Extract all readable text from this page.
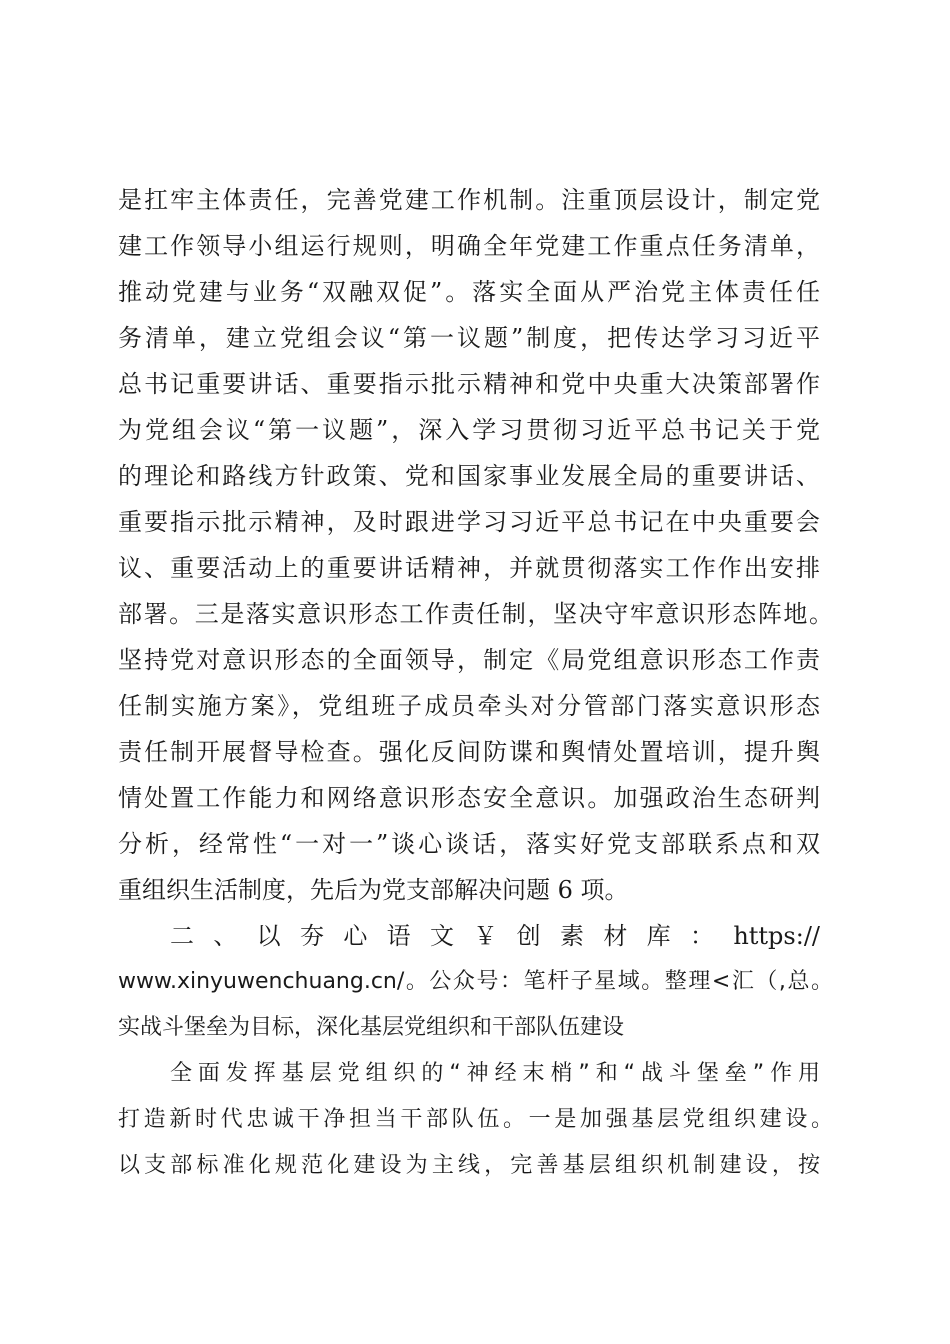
是扛牢主体责任，完善党建工作机制。注重顶层设计，制定党

建工作领导小组运行规则，明确全年党建工作重点任务清单，

推动党建与业务“双融双促”。落实全面从严治党主体责任任

务清单，建立党组会议“第一议题”制度，把传达学习习近平

总书记重要讲话、重要指示批示精神和党中央重大决策部署作

为党组会议“第一议题”，深入学习贯彻习近平总书记关于党

的理论和路线方针政策、党和国家事业发展全局的重要讲话、

重要指示批示精神，及时跟进学习习近平总书记在中央重要会

议、重要活动上的重要讲话精神，并就贯彻落实工作作出安排

部署。三是落实意识形态工作责任制，坚决守牢意识形态阵地。

坚持党对意识形态的全面领导，制定《局党组意识形态工作责

任制实施方案》，党组班子成员牵头对分管部门落实意识形态

责任制开展督导检查。强化反间防谍和舆情处置培训，提升舆

情处置工作能力和网络意识形态安全意识。加强政治生态研判

分析，经常性“一对一”谈心谈话，落实好党支部联系点和双

重组织生活制度，先后为党支部解决问题 6 项。

二 、 以 夯 心 语 文 ￥ 创 素 材 库 ： https://

www.xinyuwenchuang.cn/。公众号：笔杆子星域。整理<汇（,总。

实战斗堡垒为目标，深化基层党组织和干部队伍建设

全面发挥基层党组织的“神经末梢”和“战斗堡垒”作用

打造新时代忠诚干净担当干部队伍。一是加强基层党组织建设。

以支部标准化规范化建设为主线，完善基层组织机制建设，按
